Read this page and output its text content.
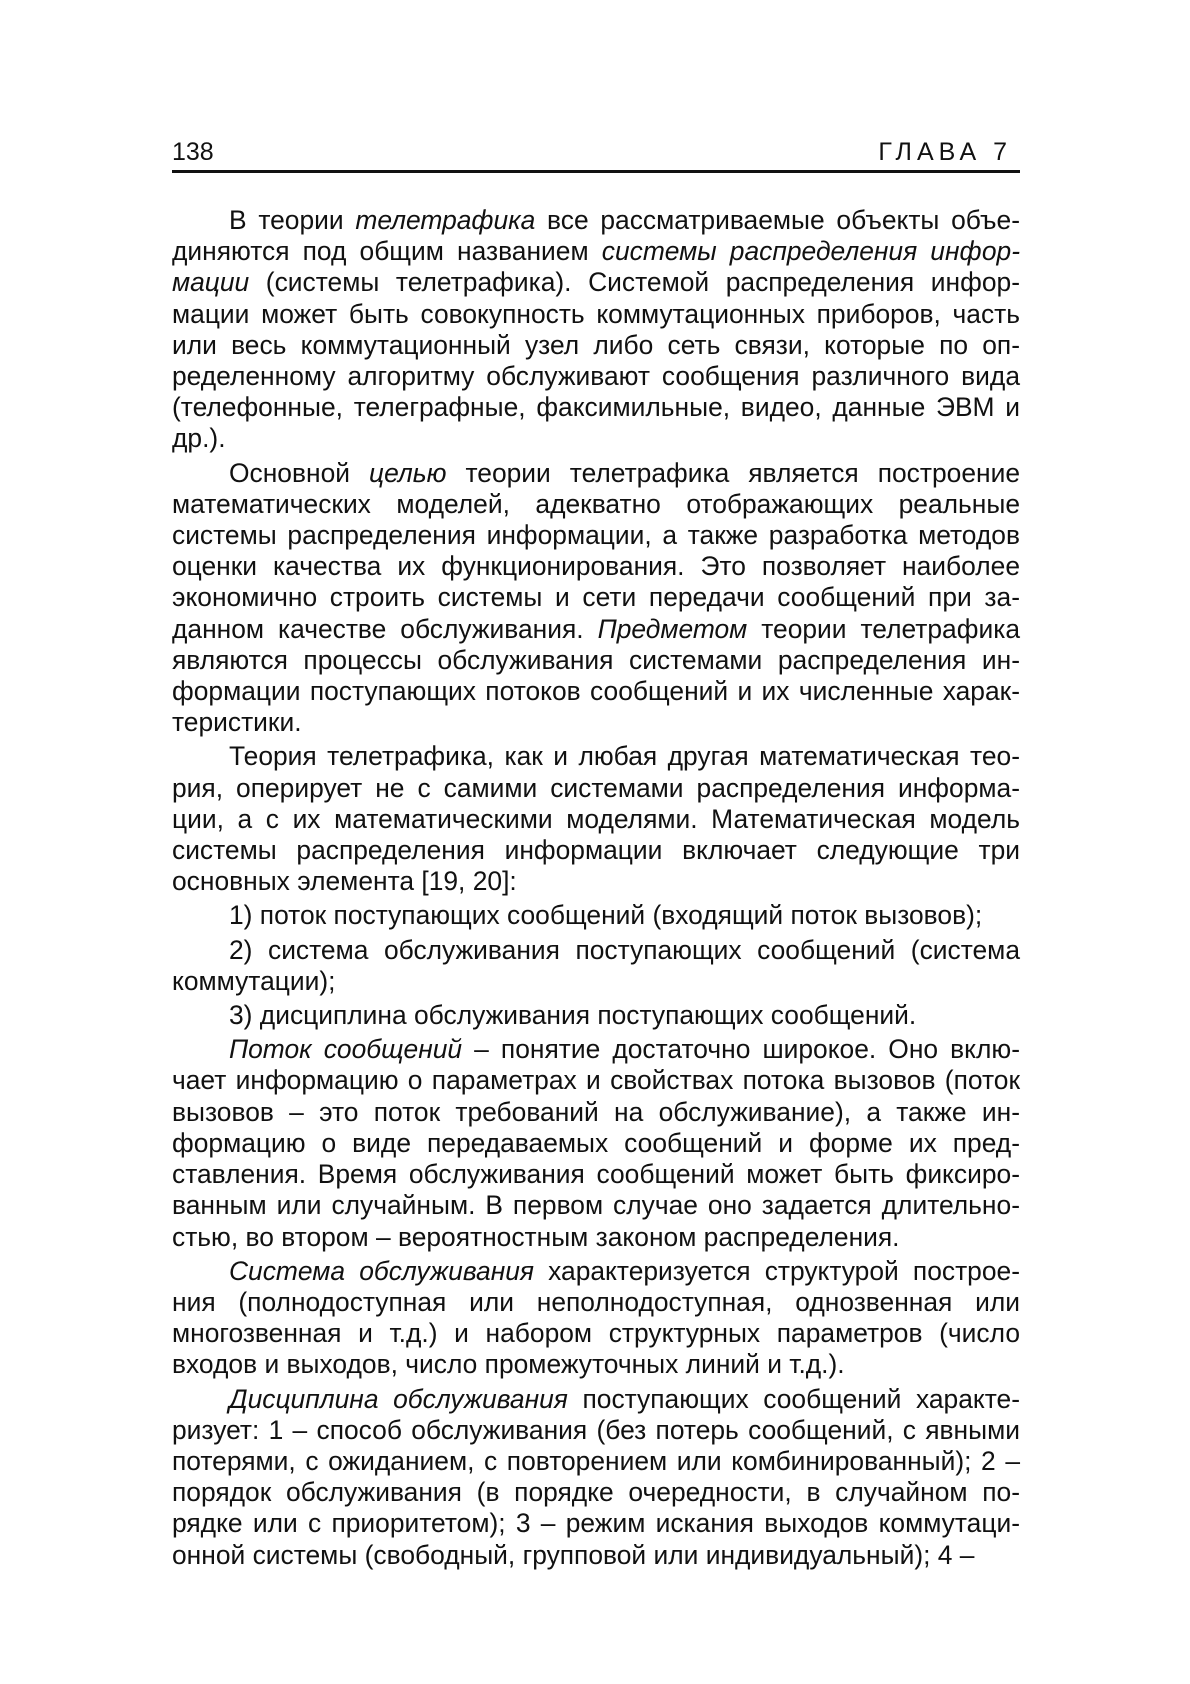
138	ГЛАВА 7

В теории телетрафика все рассматриваемые объекты объединяются под общим названием системы распределения информации (системы телетрафика). Системой распределения информации может быть совокупность коммутационных приборов, часть или весь коммутационный узел либо сеть связи, которые по определенному алгоритму обслуживают сообщения различного вида (телефонные, телеграфные, факсимильные, видео, данные ЭВМ и др.).

Основной целью теории телетрафика является построение математических моделей, адекватно отображающих реальные системы распределения информации, а также разработка методов оценки качества их функционирования. Это позволяет наиболее экономично строить системы и сети передачи сообщений при заданном качестве обслуживания. Предметом теории телетрафика являются процессы обслуживания системами распределения информации поступающих потоков сообщений и их численные характеристики.

Теория телетрафика, как и любая другая математическая теория, оперирует не с самими системами распределения информации, а с их математическими моделями. Математическая модель системы распределения информации включает следующие три основных элемента [19, 20]:

1) поток поступающих сообщений (входящий поток вызовов);

2) система обслуживания поступающих сообщений (система коммутации);

3) дисциплина обслуживания поступающих сообщений.

Поток сообщений – понятие достаточно широкое. Оно включает информацию о параметрах и свойствах потока вызовов (поток вызовов – это поток требований на обслуживание), а также информацию о виде передаваемых сообщений и форме их представления. Время обслуживания сообщений может быть фиксированным или случайным. В первом случае оно задается длительностью, во втором – вероятностным законом распределения.

Система обслуживания характеризуется структурой построения (полнодоступная или неполнодоступная, однозвенная или многозвенная и т.д.) и набором структурных параметров (число входов и выходов, число промежуточных линий и т.д.).

Дисциплина обслуживания поступающих сообщений характеризует: 1 – способ обслуживания (без потерь сообщений, с явными потерями, с ожиданием, с повторением или комбинированный); 2 – порядок обслуживания (в порядке очередности, в случайном порядке или с приоритетом); 3 – режим искания выходов коммутационной системы (свободный, групповой или индивидуальный); 4 –
